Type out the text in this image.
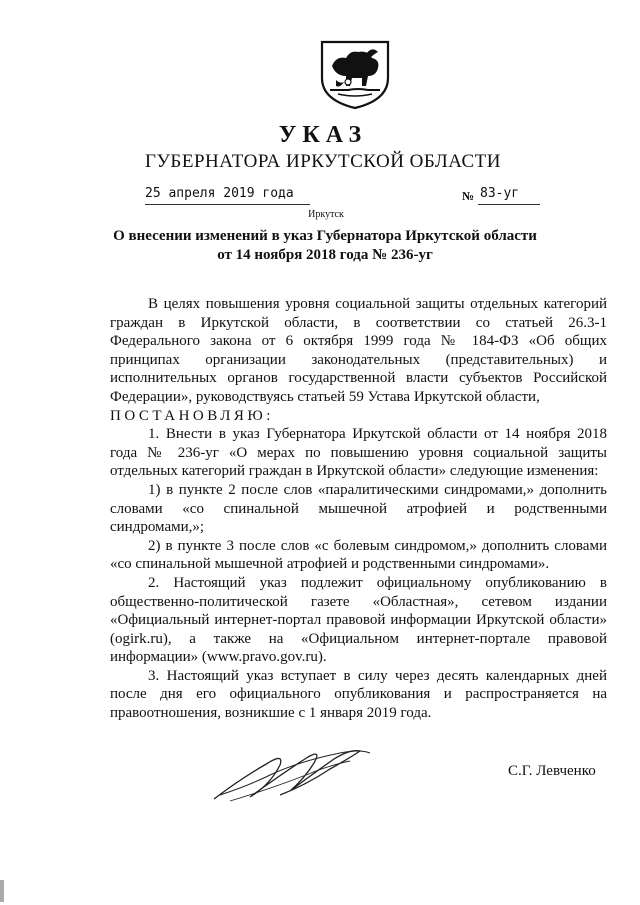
УКАЗ
ГУБЕРНАТОРА ИРКУТСКОЙ ОБЛАСТИ
25 апреля 2019 года	№ 83-уг
Иркутск
О внесении изменений в указ Губернатора Иркутской области
от 14 ноября 2018 года № 236-уг

В целях повышения уровня социальной защиты отдельных категорий граждан в Иркутской области, в соответствии со статьей 26.3-1 Федерального закона от 6 октября 1999 года № 184-ФЗ «Об общих принципах организации законодательных (представительных) и исполнительных органов государственной власти субъектов Российской Федерации», руководствуясь статьей 59 Устава Иркутской области,

ПОСТАНОВЛЯЮ:

1. Внести в указ Губернатора Иркутской области от 14 ноября 2018 года № 236-уг «О мерах по повышению уровня социальной защиты отдельных категорий граждан в Иркутской области» следующие изменения:

1) в пункте 2 после слов «паралитическими синдромами,» дополнить словами «со спинальной мышечной атрофией и родственными синдромами,»;

2) в пункте 3 после слов «с болевым синдромом,» дополнить словами «со спинальной мышечной атрофией и родственными синдромами».

2. Настоящий указ подлежит официальному опубликованию в общественно-политической газете «Областная», сетевом издании «Официальный интернет-портал правовой информации Иркутской области» (ogirk.ru), а также на «Официальном интернет-портале правовой информации» (www.pravo.gov.ru).

3. Настоящий указ вступает в силу через десять календарных дней после дня его официального опубликования и распространяется на правоотношения, возникшие с 1 января 2019 года.

С.Г. Левченко
